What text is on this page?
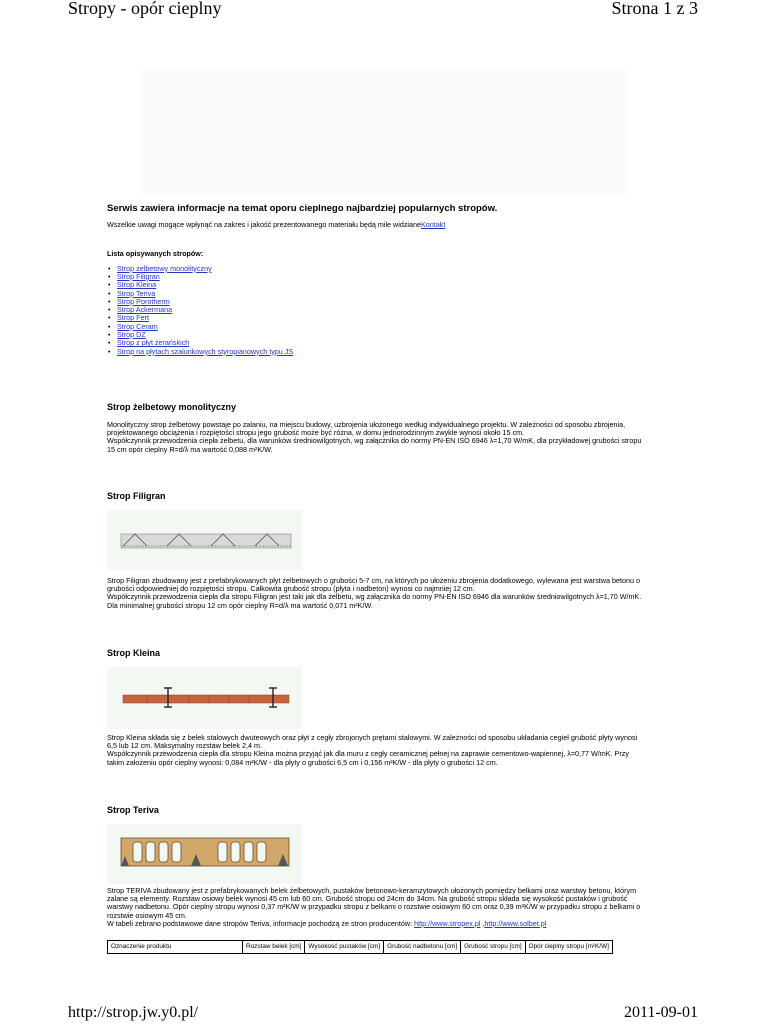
Stropy - opór cieplny	Strona 1 z 3
Serwis zawiera informacje na temat oporu cieplnego najbardziej popularnych stropów.

Wszelkie uwagi mogące wpłynąć na zakres i jakość prezentowanego materiału będą mile widzianeKontakt

Lista opisywanych stropów:
• Strop żelbetowy monolityczny
• Strop Filigran
• Strop Kleina
• Strop Teriva
• Strop Porotherm
• Strop Ackermana
• Strop Fert
• Strop Ceram
• Strop DZ
• Strop z płyt żerańskich
• Strop na płytach szalunkowych styropianowych typu JS
Strop żelbetowy monolityczny
Monolityczny strop żelbetowy powstaje po zalaniu, na miejscu budowy, uzbrojenia ułożonego według indywidualnego projektu. W zależności od sposobu zbrojenia,
projektowanego obciążenia i rozpiętości stropu jego grubość może być różna, w domu jednorodzinnym zwykle wynosi około 15 cm.
Współczynnik przewodzenia ciepła żelbetu, dla warunków średniowilgotnych, wg załącznika do normy PN-EN ISO 6946 λ=1,70 W/mK, dla przykładowej grubości stropu
15 cm opór cieplny R=d/λ ma wartość 0,088 m²K/W.
Strop Filigran
Strop Filigran zbudowany jest z prefabrykowanych płyt żelbetowych o grubości 5-7 cm, na których po ułożeniu zbrojenia dodatkowego, wylewana jest warstwa betonu o
grubości odpowiedniej do rozpiętości stropu. Całkowita grubość stropu (płyta i nadbeton) wynosi co najmniej 12 cm.
Współczynnik przewodzenia ciepła dla stropu Filigran jest taki jak dla żelbetu, wg załącznika do normy PN-EN ISO 6946 dla warunków średniowilgotnych λ=1,70 W/mK.
Dla minimalnej grubości stropu 12 cm opór cieplny R=d/λ ma wartość 0,071 m²K/W.
Strop Kleina
Strop Kleina składa się z belek stalowych dwuteowych oraz płyt z cegły zbrojonych prętami stalowymi. W zależności od sposobu układania cegieł grubość płyty wynosi
6,5 lub 12 cm. Maksymalny rozstaw belek 2,4 m.
Współczynnik przewodzenia ciepła dla stropu Kleina można przyjąć jak dla muru z cegły ceramicznej pełnej na zaprawie cementowo-wapiennej, λ=0,77 W/mK. Przy
takim założeniu opór cieplny wynosi: 0,084 m²K/W - dla płyty o grubości 6,5 cm i 0,156 m²K/W - dla płyty o grubości 12 cm.
Strop Teriva
Strop TERIVA zbudowany jest z prefabrykowanych belek żelbetowych, pustaków betonowo-keramzytowych ułożonych pomiędzy belkami oraz warstwy betonu, którym
zalane są elementy. Rozstaw osiowy belek wynosi 45 cm lub 60 cm. Grubość stropu od 24cm do 34cm. Na grubość stropu składa się wysokość pustaków i grubość
warstwy nadbetonu. Opór cieplny stropu wynosi 0,37 m²K/W w przypadku stropu z belkami o rozstwie osiowym 60 cm oraz 0,39 m²K/W w przypadku stropu z belkami o
rozstwie osiowym 45 cm.
W tabeli zebrano podstawowe dane stropów Teriva, informacje pochodzą ze stron producentów: http://www.stropex.pl ,http://www.solbet.pl
Oznaczenie produktu	Rozstaw belek [cm]	Wysokość pustaków [cm]	Grubość nadbetonu [cm]	Grubość stropu [cm]	Opór cieplny stropu [m²K/W]
http://strop.jw.y0.pl/	2011-09-01
